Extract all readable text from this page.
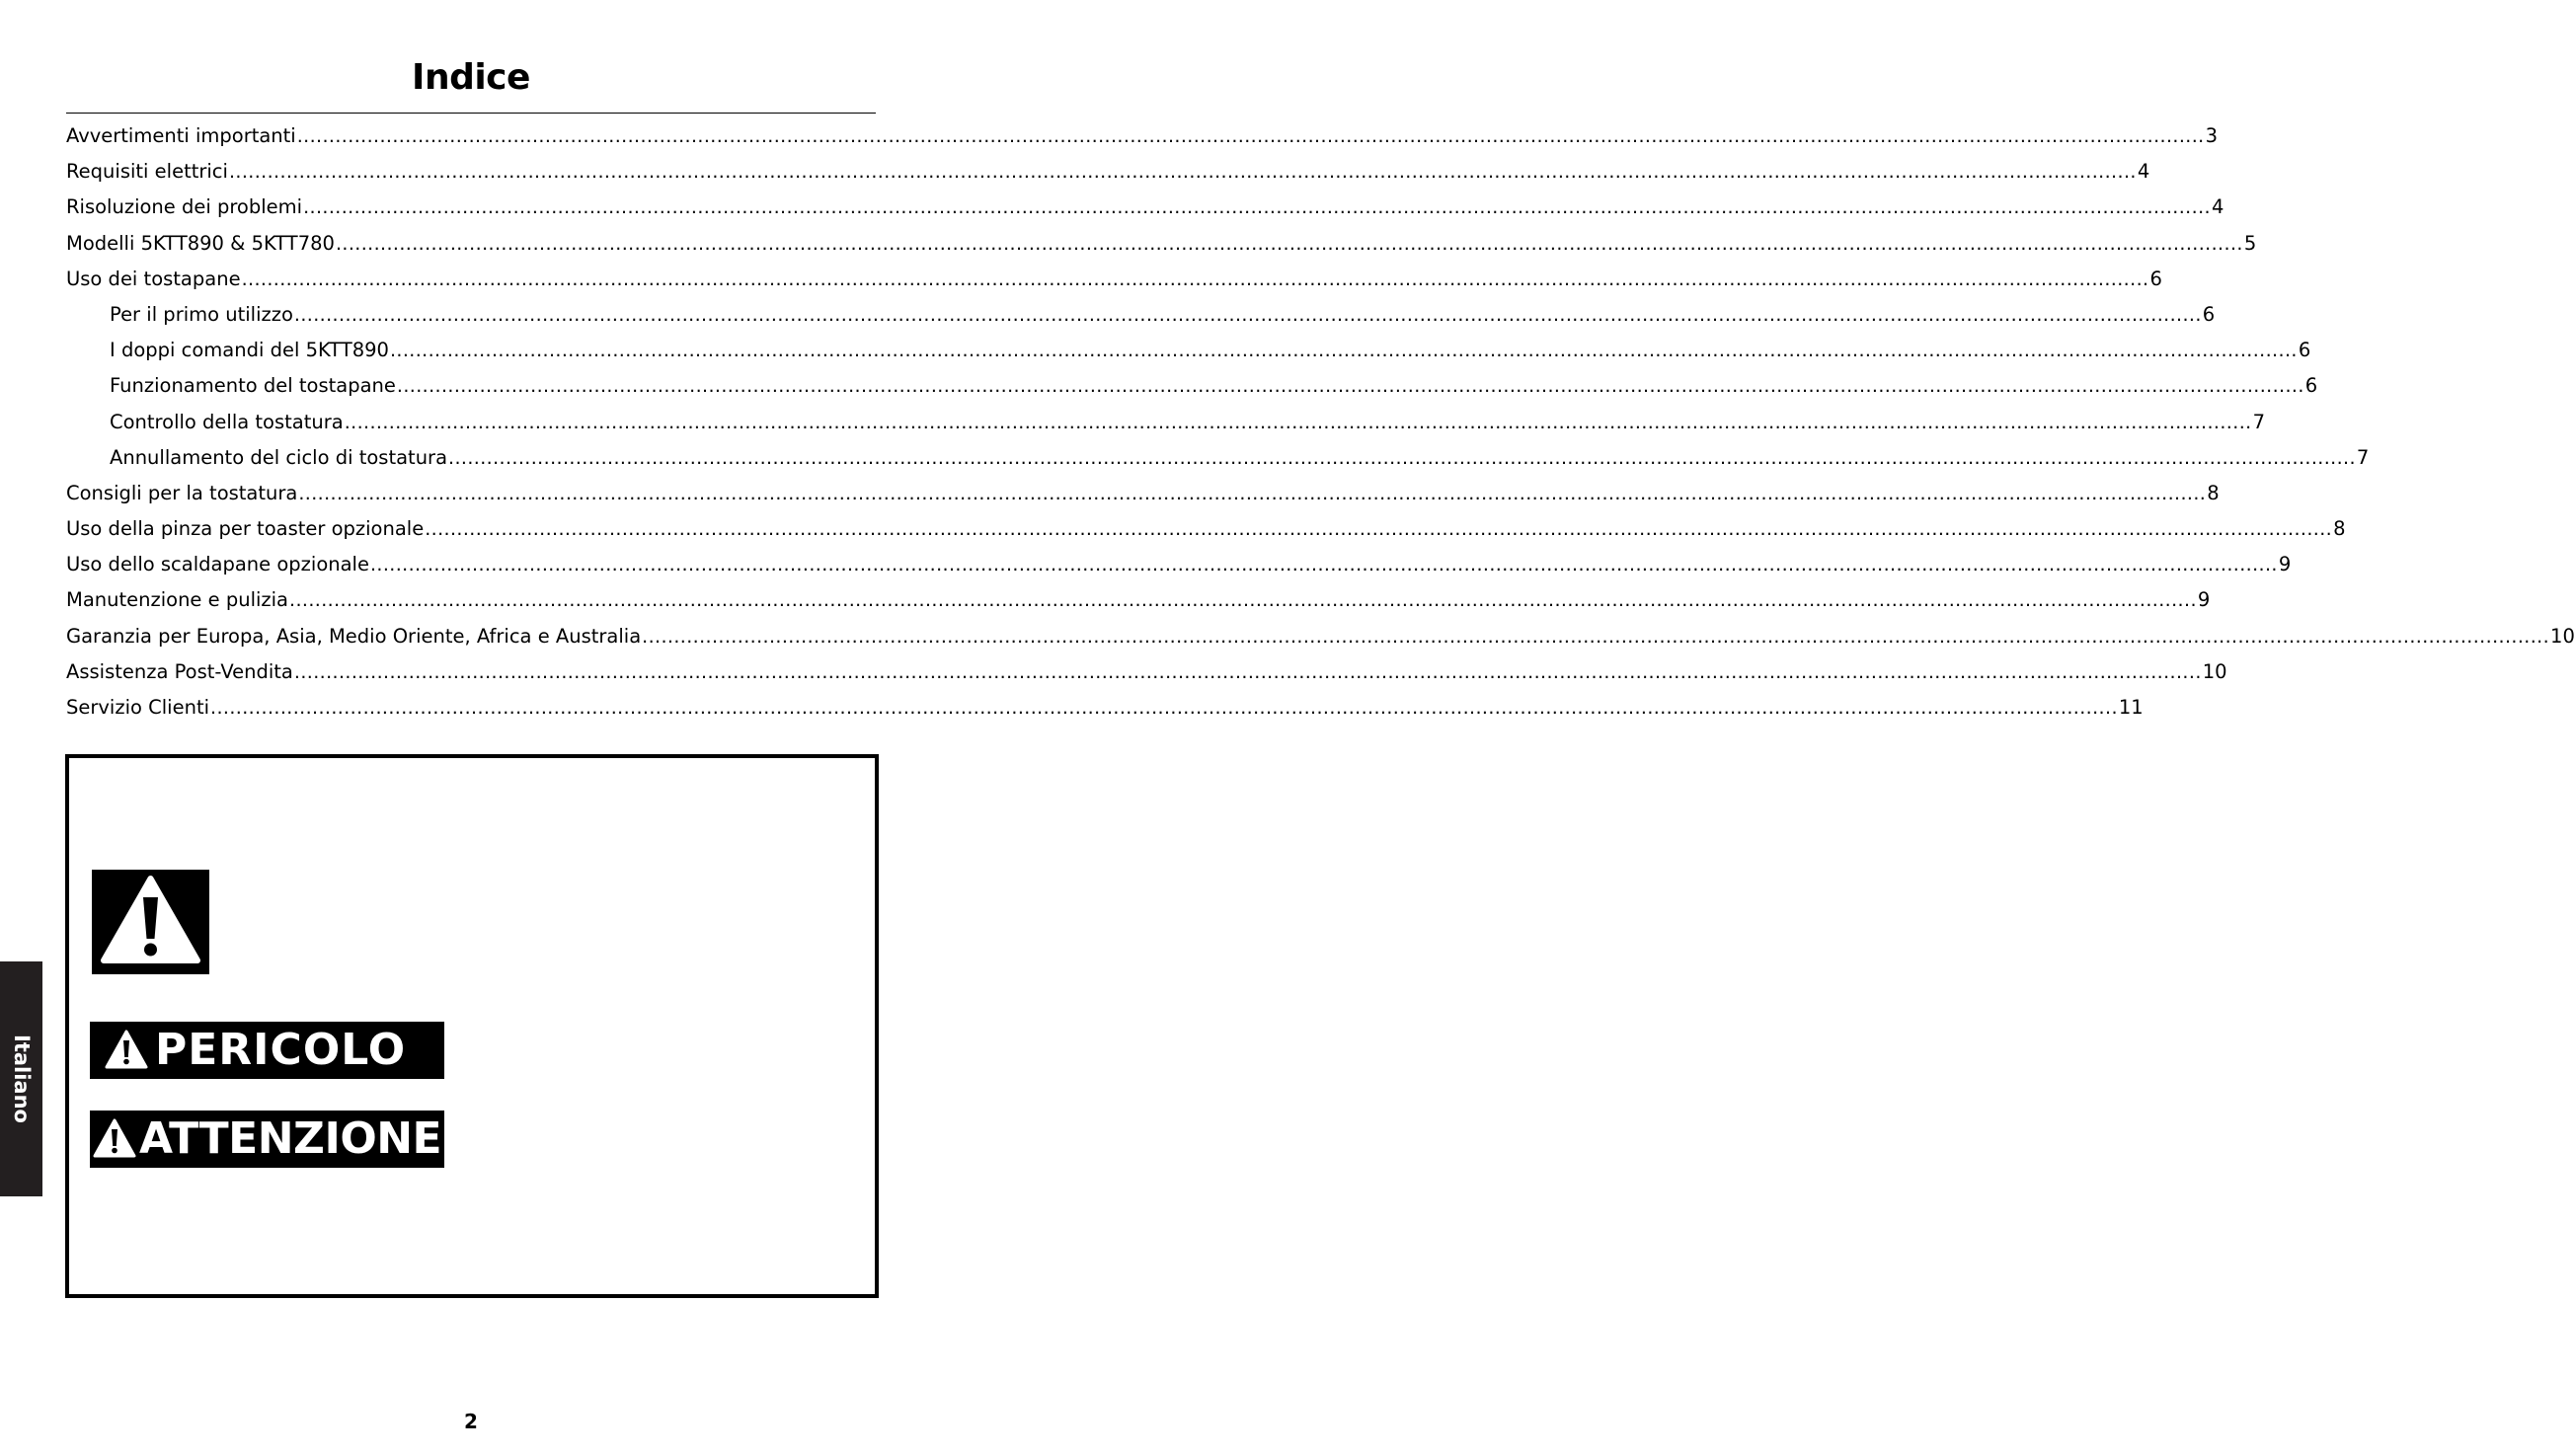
Indice
Avvertimenti importanti ............................................................................................................................................................................................................................................................................................................ 3
Requisiti elettrici ............................................................................................................................................................................................................................................................................................................ 4
Risoluzione dei problemi ............................................................................................................................................................................................................................................................................................................ 4
Modelli 5KTT890 & 5KTT780 ............................................................................................................................................................................................................................................................................................................ 5
Uso dei tostapane ............................................................................................................................................................................................................................................................................................................ 6
Per il primo utilizzo ............................................................................................................................................................................................................................................................................................................ 6
I doppi comandi del 5KTT890 ............................................................................................................................................................................................................................................................................................................ 6
Funzionamento del tostapane ............................................................................................................................................................................................................................................................................................................ 6
Controllo della tostatura ............................................................................................................................................................................................................................................................................................................ 7
Annullamento del ciclo di tostatura ............................................................................................................................................................................................................................................................................................................ 7
Consigli per la tostatura ............................................................................................................................................................................................................................................................................................................ 8
Uso della pinza per toaster opzionale ............................................................................................................................................................................................................................................................................................................ 8
Uso dello scaldapane opzionale ............................................................................................................................................................................................................................................................................................................ 9
Manutenzione e pulizia ............................................................................................................................................................................................................................................................................................................ 9
Garanzia per Europa, Asia, Medio Oriente, Africa e Australia ............................................................................................................................................................................................................................................................................................................ 10
Assistenza Post-Vendita ............................................................................................................................................................................................................................................................................................................ 10
Servizio Clienti ............................................................................................................................................................................................................................................................................................................ 11
Italiano	PERICOLO
ATTENZIONE
2
